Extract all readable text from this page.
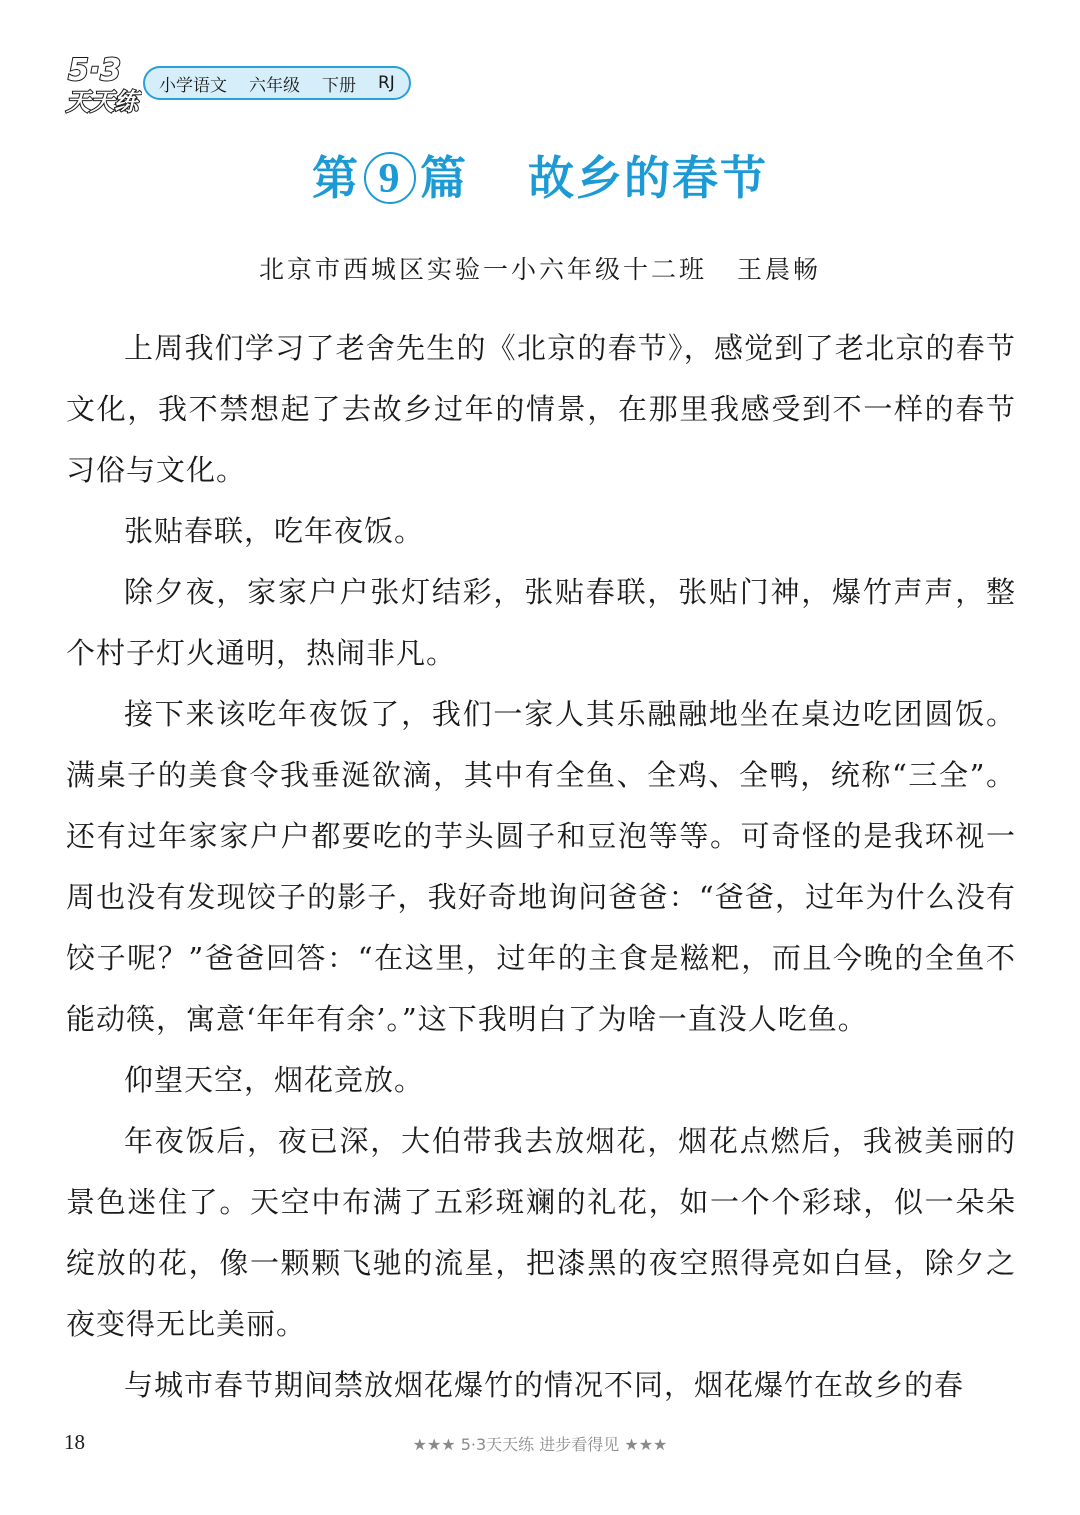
5·3
天天练
小学语文 六年级 下册 RJ
第 9 篇 故乡的春节
北京市西城区实验一小六年级十二班 王晨畅

上周我们学习了老舍先生的《北京的春节》，感觉到了老北京的春节文化，我不禁想起了去故乡过年的情景，在那里我感受到不一样的春节习俗与文化。

张贴春联，吃年夜饭。

除夕夜，家家户户张灯结彩，张贴春联，张贴门神，爆竹声声，整个村子灯火通明，热闹非凡。

接下来该吃年夜饭了，我们一家人其乐融融地坐在桌边吃团圆饭。满桌子的美食令我垂涎欲滴，其中有全鱼、全鸡、全鸭，统称“三全”。还有过年家家户户都要吃的芋头圆子和豆泡等等。可奇怪的是我环视一周也没有发现饺子的影子，我好奇地询问爸爸：“爸爸，过年为什么没有饺子呢？”爸爸回答：“在这里，过年的主食是糍粑，而且今晚的全鱼不能动筷，寓意‘年年有余’。”这下我明白了为啥一直没人吃鱼。

仰望天空，烟花竞放。

年夜饭后，夜已深，大伯带我去放烟花，烟花点燃后，我被美丽的景色迷住了。天空中布满了五彩斑斓的礼花，如一个个彩球，似一朵朵绽放的花，像一颗颗飞驰的流星，把漆黑的夜空照得亮如白昼，除夕之夜变得无比美丽。

与城市春节期间禁放烟花爆竹的情况不同，烟花爆竹在故乡的春

18	★★★ 5·3天天练 进步看得见 ★★★
